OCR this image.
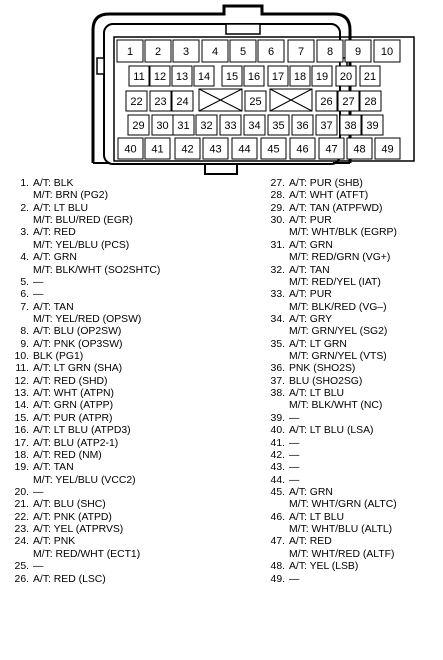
1 2 3 4 5 6 7 8 9 10
11 12 13 14 15 16 17 18 19 20 21
22 23 24	25	26 27 28
29 30 31 32 33 34 35 36 37 38 39
40 41 42 43 44 45 46 47 48 49
1. A/T: BLK
M/T: BRN (PG2)
2. A/T: LT BLU
M/T: BLU/RED (EGR)
3. A/T: RED
M/T: YEL/BLU (PCS)
4. A/T: GRN
M/T: BLK/WHT (SO2SHTC)
5. —
6. —
7. A/T: TAN
M/T: YEL/RED (OPSW)
8. A/T: BLU (OP2SW)
9. A/T: PNK (OP3SW)
10. BLK (PG1)
11. A/T: LT GRN (SHA)
12. A/T: RED (SHD)
13. A/T: WHT (ATPN)
14. A/T: GRN (ATPP)
15. A/T: PUR (ATPR)
16. A/T: LT BLU (ATPD3)
17. A/T: BLU (ATP2-1)
18. A/T: RED (NM)
19. A/T: TAN
M/T: YEL/BLU (VCC2)
20. —
21. A/T: BLU (SHC)
22. A/T: PNK (ATPD)
23. A/T: YEL (ATPRVS)
24. A/T: PNK
M/T: RED/WHT (ECT1)
25. —
26. A/T: RED (LSC)
27. A/T: PUR (SHB)
28. A/T: WHT (ATFT)
29. A/T: TAN (ATPFWD)
30. A/T: PUR
M/T: WHT/BLK (EGRP)
31. A/T: GRN
M/T: RED/GRN (VG+)
32. A/T: TAN
M/T: RED/YEL (IAT)
33. A/T: PUR
M/T: BLK/RED (VG–)
34. A/T: GRY
M/T: GRN/YEL (SG2)
35. A/T: LT GRN
M/T: GRN/YEL (VTS)
36. PNK (SHO2S)
37. BLU (SHO2SG)
38. A/T: LT BLU
M/T: BLK/WHT (NC)
39. —
40. A/T: LT BLU (LSA)
41. —
42. —
43. —
44. —
45. A/T: GRN
M/T: WHT/GRN (ALTC)
46. A/T: LT BLU
M/T: WHT/BLU (ALTL)
47. A/T: RED
M/T: WHT/RED (ALTF)
48. A/T: YEL (LSB)
49. —
